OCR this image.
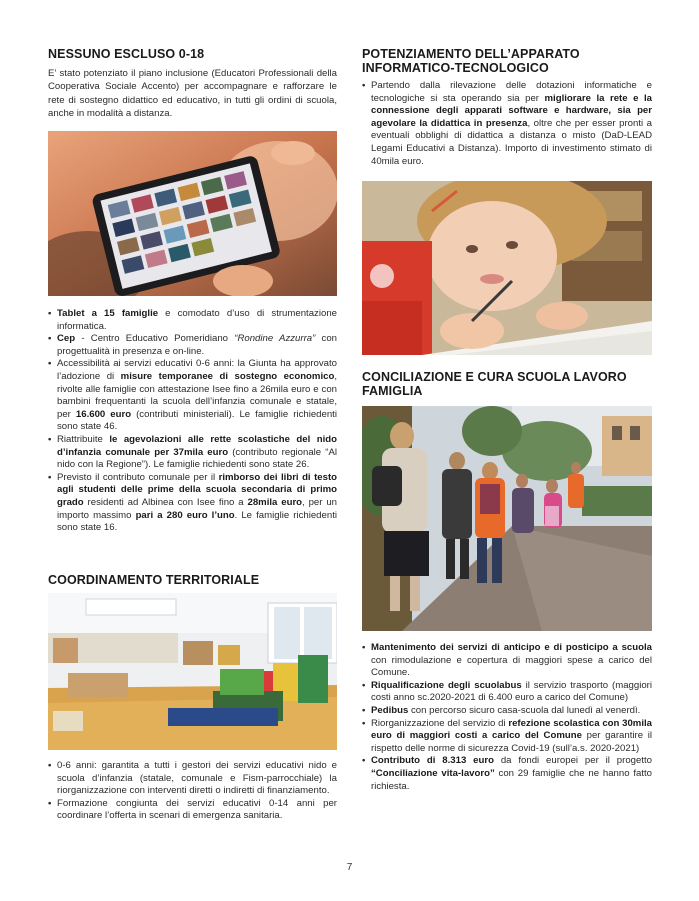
NESSUNO ESCLUSO 0-18

E’ stato potenziato il piano inclusione (Educatori Professionali della Cooperativa Sociale Accento) per accompagnare e rafforzare le rete di sostegno didattico ed educativo, in tutti gli ordini di scuola, anche in modalità a distanza.

• Tablet a 15 famiglie e comodato d’uso di strumentazione informatica.
• Cep - Centro Educativo Pomeridiano “Rondine Azzurra” con progettualità in presenza e on-line.
• Accessibilità ai servizi educativi 0-6 anni: la Giunta ha approvato l’adozione di misure temporanee di sostegno economico, rivolte alle famiglie con attestazione Isee fino a 26mila euro e con bambini frequentanti la scuola dell’infanzia comunale e statale, per 16.600 euro (contributi ministeriali). Le famiglie richiedenti sono state 46.
• Riattribuite le agevolazioni alle rette scolastiche del nido d’infanzia comunale per 37mila euro (contributo regionale “Al nido con la Regione”). Le famiglie richiedenti sono state 26.
• Previsto il contributo comunale per il rimborso dei libri di testo agli studenti delle prime della scuola secondaria di primo grado residenti ad Albinea con Isee fino a 28mila euro, per un importo massimo pari a 280 euro l’uno. Le famiglie richiedenti sono state 16.
COORDINAMENTO TERRITORIALE
• 0-6 anni: garantita a tutti i gestori dei servizi educativi nido e scuola d’infanzia (statale, comunale e Fism-parrocchiale) la riorganizzazione con interventi diretti o indiretti di finanziamento.
• Formazione congiunta dei servizi educativi 0-14 anni per coordinare l’offerta in scenari di emergenza sanitaria.
POTENZIAMENTO DELL’APPARATO INFORMATICO-TECNOLOGICO
• Partendo dalla rilevazione delle dotazioni informatiche e tecnologiche si sta operando sia per migliorare la rete e la connessione degli apparati software e hardware, sia per agevolare la didattica in presenza, oltre che per esser pronti a eventuali obblighi di didattica a distanza o misto (DaD-LEAD Legami Educativi a Distanza). Importo di investimento stimato di 40mila euro.
CONCILIAZIONE E CURA SCUOLA LAVORO FAMIGLIA
• Mantenimento dei servizi di anticipo e di posticipo a scuola con rimodulazione e copertura di maggiori spese a carico del Comune.
• Riqualificazione degli scuolabus il servizio trasporto (maggiori costi anno sc.2020-2021 di 6.400 euro a carico del Comune)
• Pedibus con percorso sicuro casa-scuola dal lunedì al venerdì.
• Riorganizzazione del servizio di refezione scolastica con 30mila euro di maggiori costi a carico del Comune per garantire il rispetto delle norme di sicurezza Covid-19 (sull’a.s. 2020-2021)
• Contributo di 8.313 euro da fondi europei per il progetto “Conciliazione vita-lavoro” con 29 famiglie che ne hanno fatto richiesta.
7
